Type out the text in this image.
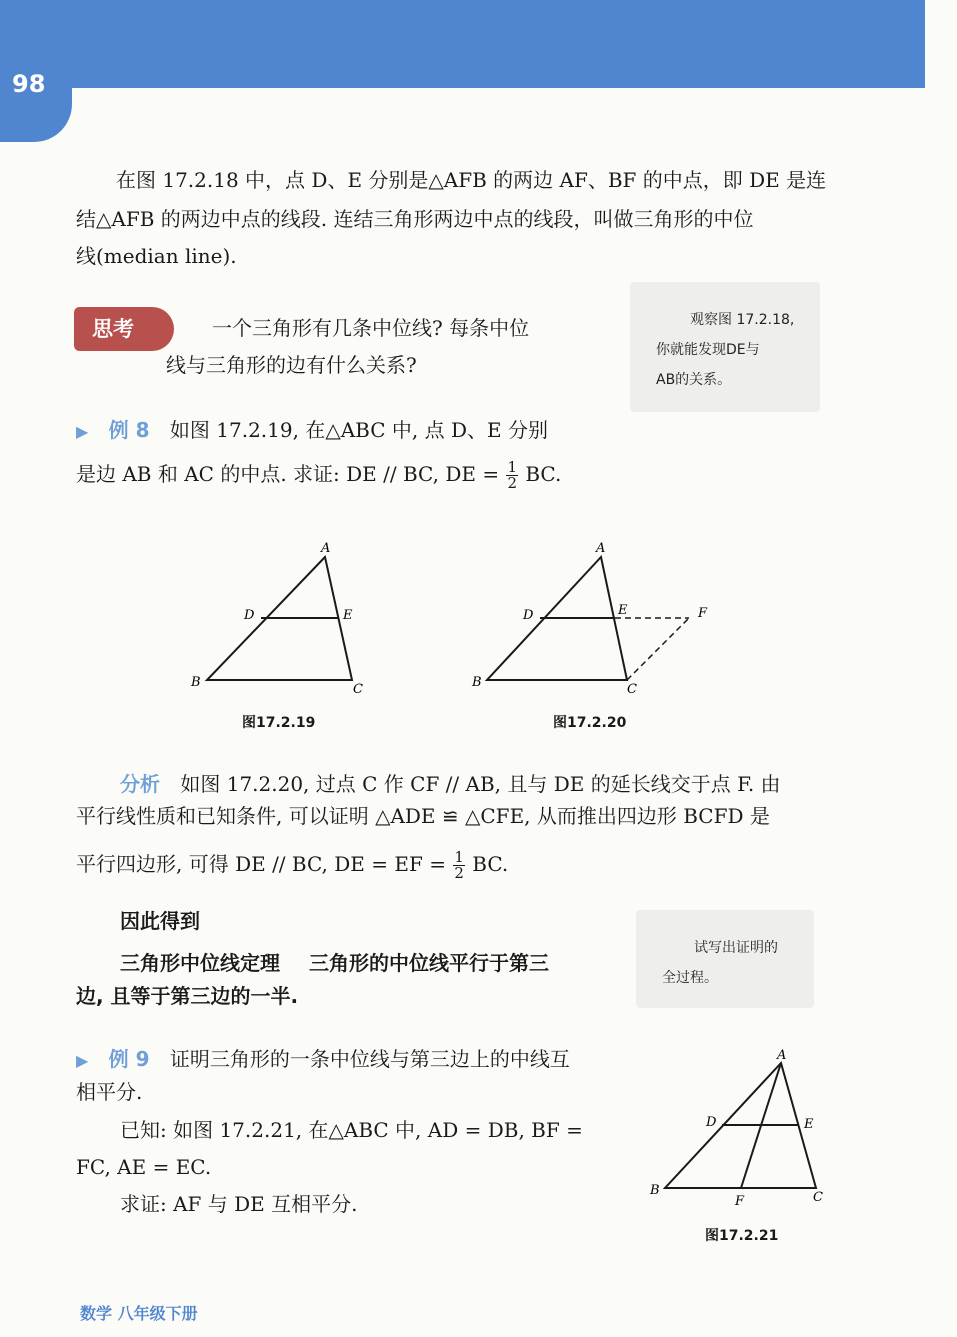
98
在图 17.2.18 中，点 D、E 分别是△AFB 的两边 AF、BF 的中点，即 DE 是连
结△AFB 的两边中点的线段. 连结三角形两边中点的线段，叫做三角形的中位
线(median line).
思考	一个三角形有几条中位线? 每条中位
线与三角形的边有什么关系?
观察图 17.2.18,
你就能发现DE与
AB的关系。
▶ 例 8 如图 17.2.19, 在△ABC 中, 点 D、E 分别
是边 AB 和 AC 的中点. 求证: DE // BC, DE = $\frac{1}{2}$ BC.
A
D	E
B	C
图17.2.19
A
D	E	F
B	C
图17.2.20
分析 如图 17.2.20, 过点 C 作 CF // AB, 且与 DE 的延长线交于点 F. 由
平行线性质和已知条件, 可以证明 △ADE ≌ △CFE, 从而推出四边形 BCFD 是
平行四边形, 可得 DE // BC, DE = EF = $\frac{1}{2}$ BC.
因此得到
三角形中位线定理 三角形的中位线平行于第三
边, 且等于第三边的一半.
试写出证明的
全过程。
▶ 例 9 证明三角形的一条中位线与第三边上的中线互
相平分.
已知: 如图 17.2.21, 在△ABC 中, AD = DB, BF =
FC, AE = EC.
求证: AF 与 DE 互相平分.
A
D	E
B
F	C
图17.2.21
数学 八年级下册
